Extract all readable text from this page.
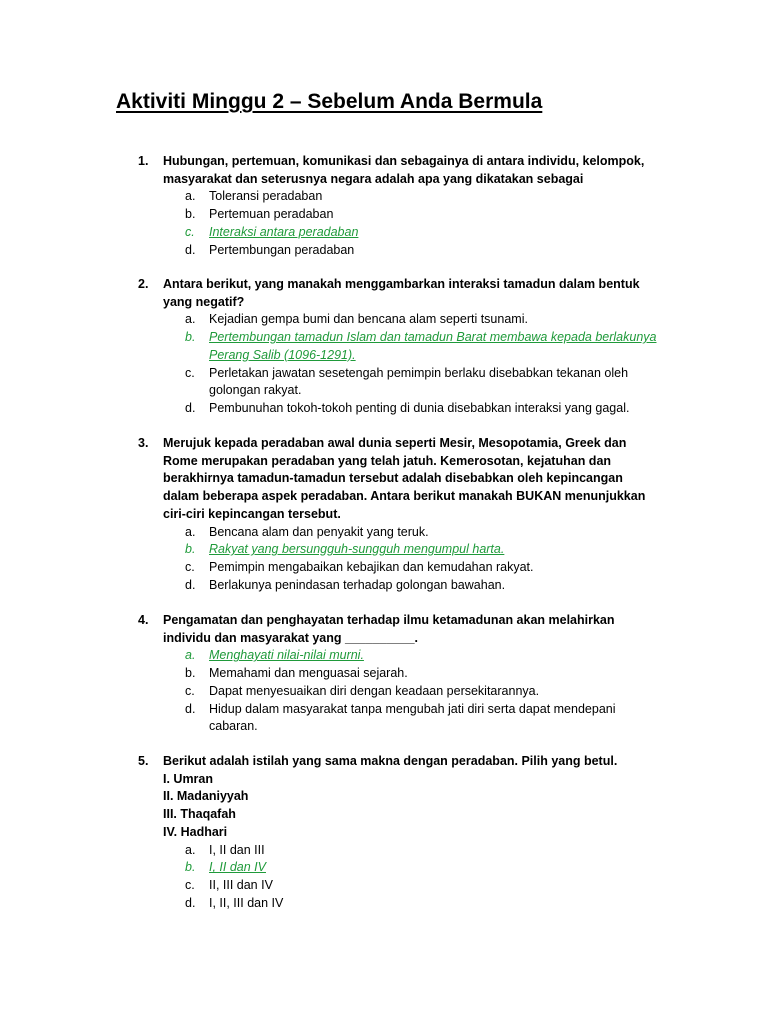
Aktiviti Minggu 2 – Sebelum Anda Bermula
1.	Hubungan, pertemuan, komunikasi dan sebagainya di antara individu, kelompok, masyarakat dan seterusnya negara adalah apa yang dikatakan sebagai
a.	Toleransi peradaban
b.	Pertemuan peradaban
c.	Interaksi antara peradaban
d.	Pertembungan peradaban
2.	Antara berikut, yang manakah menggambarkan interaksi tamadun dalam bentuk yang negatif?
a.	Kejadian gempa bumi dan bencana alam seperti tsunami.
b.	Pertembungan tamadun Islam dan tamadun Barat membawa kepada berlakunya Perang Salib (1096-1291).
c.	Perletakan jawatan sesetengah pemimpin berlaku disebabkan tekanan oleh golongan rakyat.
d.	Pembunuhan tokoh-tokoh penting di dunia disebabkan interaksi yang gagal.
3.	Merujuk kepada peradaban awal dunia seperti Mesir, Mesopotamia, Greek dan Rome merupakan peradaban yang telah jatuh. Kemerosotan, kejatuhan dan berakhirnya tamadun-tamadun tersebut adalah disebabkan oleh kepincangan dalam beberapa aspek peradaban. Antara berikut manakah BUKAN menunjukkan ciri-ciri kepincangan tersebut.
a.	Bencana alam dan penyakit yang teruk.
b.	Rakyat yang bersungguh-sungguh mengumpul harta.
c.	Pemimpin mengabaikan kebajikan dan kemudahan rakyat.
d.	Berlakunya penindasan terhadap golongan bawahan.
4.	Pengamatan dan penghayatan terhadap ilmu ketamadunan akan melahirkan individu dan masyarakat yang __________.
a.	Menghayati nilai-nilai murni.
b.	Memahami dan menguasai sejarah.
c.	Dapat menyesuaikan diri dengan keadaan persekitarannya.
d.	Hidup dalam masyarakat tanpa mengubah jati diri serta dapat mendepani cabaran.
5.	Berikut adalah istilah yang sama makna dengan peradaban. Pilih yang betul.
I. Umran
II. Madaniyyah
III. Thaqafah
IV. Hadhari
a.	I, II dan III
b.	I, II dan IV
c.	II, III dan IV
d.	I, II, III dan IV
